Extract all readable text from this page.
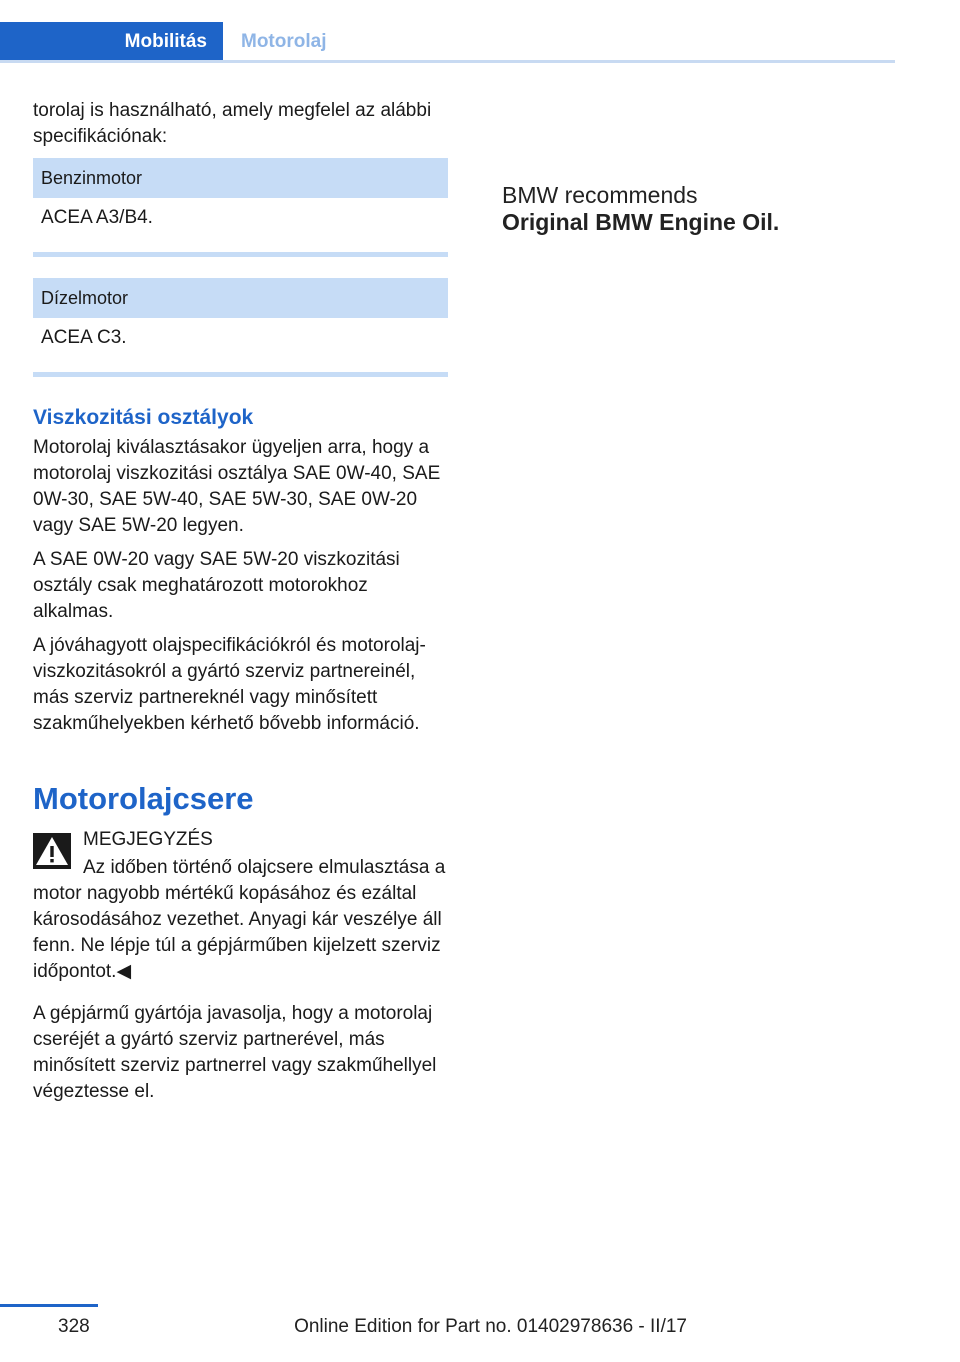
Mobilitás	Motorolaj

torolaj is használható, amely megfelel az alábbi specifikációnak:

Benzinmotor
ACEA A3/B4.
Dízelmotor
ACEA C3.
Viszkozitási osztályok

Motorolaj kiválasztásakor ügyeljen arra, hogy a motorolaj viszkozitási osztálya SAE 0W-40, SAE 0W-30, SAE 5W-40, SAE 5W-30, SAE 0W-20 vagy SAE 5W-20 legyen.

A SAE 0W-20 vagy SAE 5W-20 viszkozitási osztály csak meghatározott motorokhoz alkalmas.

A jóváhagyott olajspecifikációkról és motorolaj-viszkozitásokról a gyártó szerviz partnereinél, más szerviz partnereknél vagy minősített szakműhelyekben kérhető bővebb információ.

Motorolajcsere

MEGJEGYZÉS

Az időben történő olajcsere elmulasztása a motor nagyobb mértékű kopásához és ezáltal károsodásához vezethet. Anyagi kár veszélye áll fenn. Ne lépje túl a gépjárműben kijelzett szerviz időpontot.◀

A gépjármű gyártója javasolja, hogy a motorolaj cseréjét a gyártó szerviz partnerével, más minősített szerviz partnerrel vagy szakműhellyel végeztesse el.

BMW recommends
Original BMW Engine Oil.
328	Online Edition for Part no. 01402978636 - II/17
